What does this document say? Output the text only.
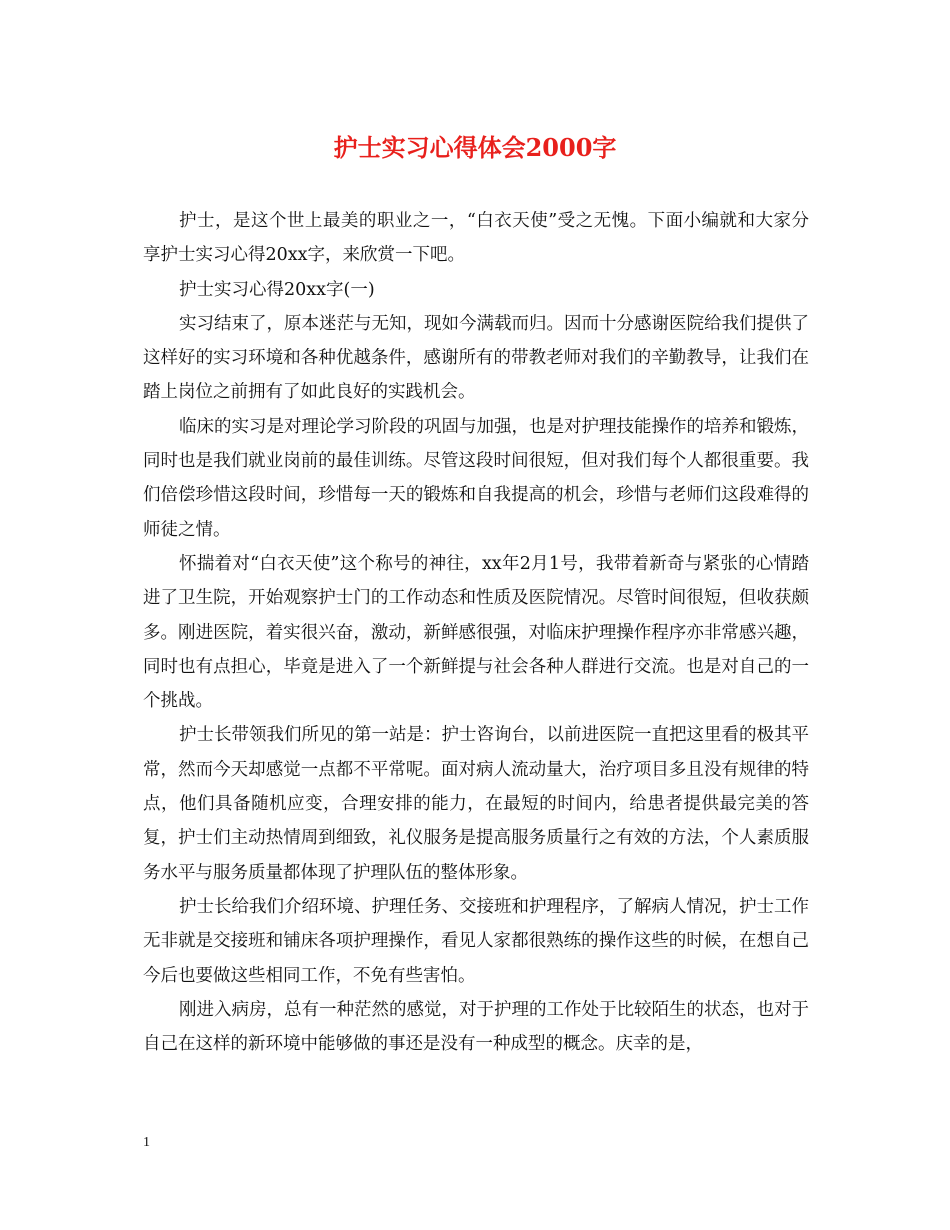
护士实习心得体会2000字

护士，是这个世上最美的职业之一，“白衣天使”受之无愧。下面小编就和大家分享护士实习心得20xx字，来欣赏一下吧。

护士实习心得20xx字(一)

实习结束了，原本迷茫与无知，现如今满载而归。因而十分感谢医院给我们提供了这样好的实习环境和各种优越条件，感谢所有的带教老师对我们的辛勤教导，让我们在踏上岗位之前拥有了如此良好的实践机会。

临床的实习是对理论学习阶段的巩固与加强，也是对护理技能操作的培养和锻炼，同时也是我们就业岗前的最佳训练。尽管这段时间很短，但对我们每个人都很重要。我们倍偿珍惜这段时间，珍惜每一天的锻炼和自我提高的机会，珍惜与老师们这段难得的师徒之情。

怀揣着对“白衣天使”这个称号的神往，xx年2月1号，我带着新奇与紧张的心情踏进了卫生院，开始观察护士门的工作动态和性质及医院情况。尽管时间很短，但收获颇多。刚进医院，着实很兴奋，激动，新鲜感很强，对临床护理操作程序亦非常感兴趣，同时也有点担心，毕竟是进入了一个新鲜提与社会各种人群进行交流。也是对自己的一个挑战。

护士长带领我们所见的第一站是：护士咨询台，以前进医院一直把这里看的极其平常，然而今天却感觉一点都不平常呢。面对病人流动量大，治疗项目多且没有规律的特点，他们具备随机应变，合理安排的能力，在最短的时间内，给患者提供最完美的答复，护士们主动热情周到细致，礼仪服务是提高服务质量行之有效的方法，个人素质服务水平与服务质量都体现了护理队伍的整体形象。

护士长给我们介绍环境、护理任务、交接班和护理程序，了解病人情况，护士工作无非就是交接班和铺床各项护理操作，看见人家都很熟练的操作这些的时候，在想自己今后也要做这些相同工作，不免有些害怕。

刚进入病房，总有一种茫然的感觉，对于护理的工作处于比较陌生的状态，也对于自己在这样的新环境中能够做的事还是没有一种成型的概念。庆幸的是，

1
